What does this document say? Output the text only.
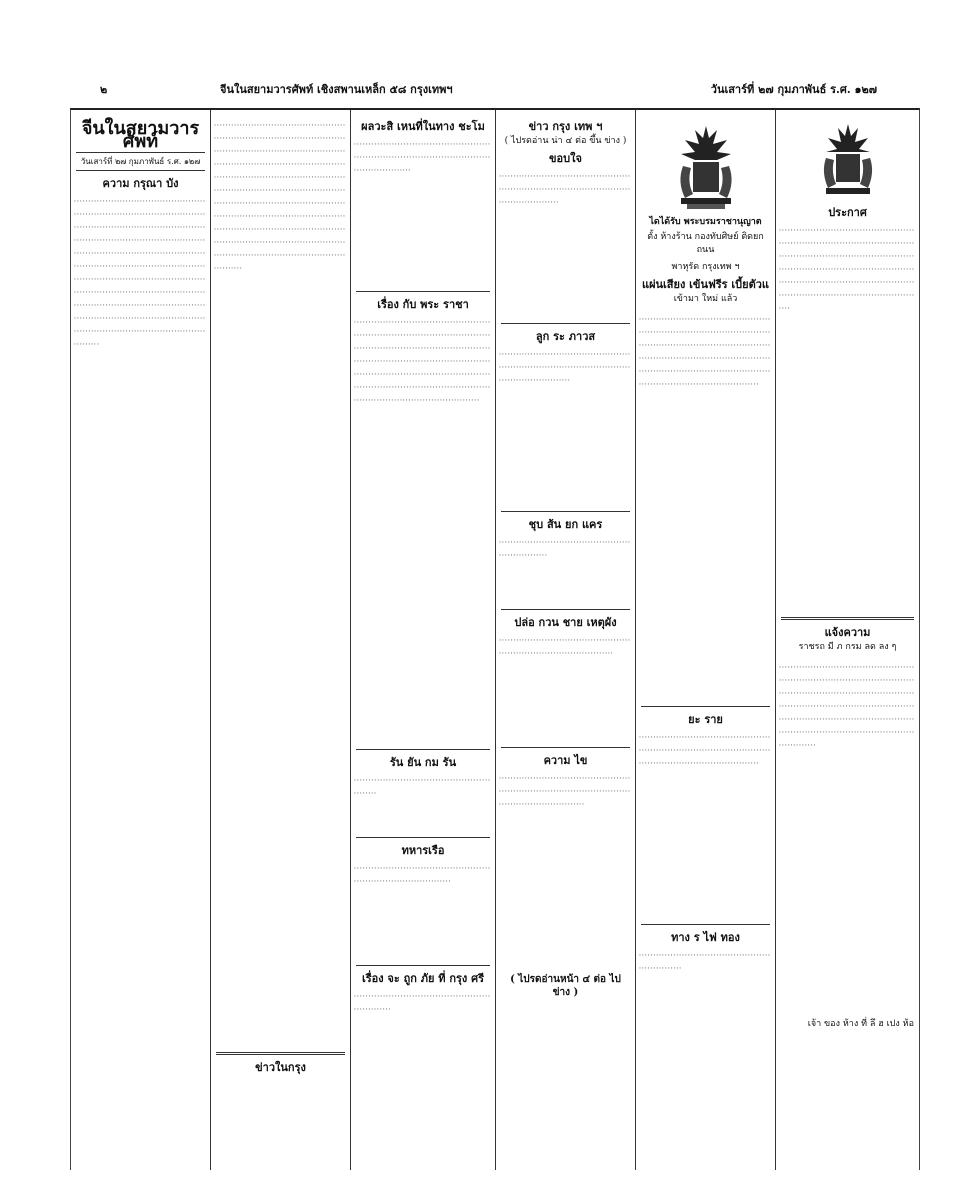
๒	จีนในสยามวารศัพท์ เชิงสพานเหล็ก ๕๘ กรุงเทพฯ	วันเสาร์ที่ ๒๗ กุมภาพันธ์ ร.ศ. ๑๒๗
จีนในสยามวารศัพท์
วันเสาร์ที่ ๒๗ กุมภาพันธ์ ร.ศ. ๑๒๗
ความ กรุณา บัง
ฺ ฺ ฺ ฺ ฺ ฺ ฺ ฺ ฺ ฺ ฺ ฺ ฺ ฺ ฺ ฺ ฺ ฺ ฺ ฺ ฺ ฺ ฺ ฺ ฺ ฺ ฺ ฺ ฺ ฺ ฺ ฺ ฺ ฺ ฺ ฺ ฺ ฺ ฺ ฺ ฺ ฺ ฺ ฺ ฺ ฺ ฺ ฺ ฺ ฺ ฺ ฺ ฺ ฺ ฺ ฺ ฺ ฺ ฺ ฺ ฺ ฺ ฺ ฺ ฺ ฺ ฺ ฺ ฺ ฺ ฺ ฺ ฺ ฺ ฺ ฺ ฺ ฺ ฺ ฺ ฺ ฺ ฺ ฺ ฺ ฺ ฺ ฺ ฺ ฺ ฺ ฺ ฺ ฺ ฺ ฺ ฺ ฺ ฺ ฺ ฺ ฺ ฺ ฺ ฺ ฺ ฺ ฺ ฺ ฺ ฺ ฺ ฺ ฺ ฺ ฺ ฺ ฺ ฺ ฺ ฺ ฺ ฺ ฺ ฺ ฺ ฺ ฺ ฺ ฺ ฺ ฺ ฺ ฺ ฺ ฺ ฺ ฺ ฺ ฺ ฺ ฺ ฺ ฺ ฺ ฺ ฺ ฺ ฺ ฺ ฺ ฺ ฺ ฺ ฺ ฺ ฺ ฺ ฺ ฺ ฺ ฺ ฺ ฺ ฺ ฺ ฺ ฺ ฺ ฺ ฺ ฺ ฺ ฺ ฺ ฺ ฺ ฺ ฺ ฺ ฺ ฺ ฺ ฺ ฺ ฺ ฺ ฺ ฺ ฺ ฺ ฺ ฺ ฺ ฺ ฺ ฺ ฺ ฺ ฺ ฺ ฺ ฺ ฺ ฺ ฺ ฺ ฺ ฺ ฺ ฺ ฺ ฺ ฺ ฺ ฺ ฺ ฺ ฺ ฺ ฺ ฺ ฺ ฺ ฺ ฺ ฺ ฺ ฺ ฺ ฺ ฺ ฺ ฺ ฺ ฺ ฺ ฺ ฺ ฺ ฺ ฺ ฺ ฺ ฺ ฺ ฺ ฺ ฺ ฺ ฺ ฺ ฺ ฺ ฺ ฺ ฺ ฺ ฺ ฺ ฺ ฺ ฺ ฺ ฺ ฺ ฺ ฺ ฺ ฺ ฺ ฺ ฺ ฺ ฺ ฺ ฺ ฺ ฺ ฺ ฺ ฺ ฺ ฺ ฺ ฺ ฺ ฺ ฺ ฺ ฺ ฺ ฺ ฺ ฺ ฺ ฺ ฺ ฺ ฺ ฺ ฺ ฺ ฺ ฺ ฺ ฺ ฺ ฺ ฺ ฺ ฺ ฺ ฺ ฺ ฺ ฺ ฺ ฺ ฺ ฺ ฺ ฺ ฺ ฺ ฺ ฺ ฺ ฺ ฺ ฺ ฺ ฺ ฺ ฺ ฺ ฺ ฺ ฺ ฺ ฺ ฺ ฺ ฺ ฺ ฺ ฺ ฺ ฺ ฺ ฺ ฺ ฺ ฺ ฺ ฺ ฺ ฺ ฺ ฺ ฺ ฺ ฺ ฺ ฺ ฺ ฺ ฺ ฺ ฺ ฺ ฺ ฺ ฺ ฺ ฺ ฺ ฺ ฺ ฺ ฺ ฺ ฺ ฺ ฺ ฺ ฺ ฺ ฺ ฺ ฺ ฺ ฺ ฺ ฺ ฺ ฺ ฺ ฺ ฺ ฺ ฺ ฺ ฺ ฺ ฺ ฺ ฺ ฺ ฺ ฺ ฺ ฺ ฺ ฺ ฺ ฺ ฺ ฺ ฺ ฺ ฺ ฺ ฺ ฺ ฺ ฺ ฺ ฺ ฺ ฺ ฺ ฺ ฺ ฺ ฺ ฺ ฺ ฺ ฺ ฺ ฺ ฺ ฺ ฺ ฺ ฺ ฺ ฺ ฺ ฺ ฺ ฺ ฺ ฺ ฺ ฺ ฺ ฺ ฺ ฺ ฺ ฺ ฺ ฺ ฺ ฺ ฺ ฺ ฺ ฺ ฺ ฺ ฺ ฺ ฺ ฺ ฺ ฺ ฺ ฺ ฺ ฺ ฺ ฺ ฺ ฺ ฺ ฺ ฺ ฺ ฺ ฺ ฺ ฺ ฺ ฺ ฺ ฺ ฺ ฺ ฺ ฺ ฺ ฺ ฺ ฺ ฺ ฺ ฺ ฺ ฺ ฺ ฺ ฺ
ฺ ฺ ฺ ฺ ฺ ฺ ฺ ฺ ฺ ฺ ฺ ฺ ฺ ฺ ฺ ฺ ฺ ฺ ฺ ฺ ฺ ฺ ฺ ฺ ฺ ฺ ฺ ฺ ฺ ฺ ฺ ฺ ฺ ฺ ฺ ฺ ฺ ฺ ฺ ฺ ฺ ฺ ฺ ฺ ฺ ฺ ฺ ฺ ฺ ฺ ฺ ฺ ฺ ฺ ฺ ฺ ฺ ฺ ฺ ฺ ฺ ฺ ฺ ฺ ฺ ฺ ฺ ฺ ฺ ฺ ฺ ฺ ฺ ฺ ฺ ฺ ฺ ฺ ฺ ฺ ฺ ฺ ฺ ฺ ฺ ฺ ฺ ฺ ฺ ฺ ฺ ฺ ฺ ฺ ฺ ฺ ฺ ฺ ฺ ฺ ฺ ฺ ฺ ฺ ฺ ฺ ฺ ฺ ฺ ฺ ฺ ฺ ฺ ฺ ฺ ฺ ฺ ฺ ฺ ฺ ฺ ฺ ฺ ฺ ฺ ฺ ฺ ฺ ฺ ฺ ฺ ฺ ฺ ฺ ฺ ฺ ฺ ฺ ฺ ฺ ฺ ฺ ฺ ฺ ฺ ฺ ฺ ฺ ฺ ฺ ฺ ฺ ฺ ฺ ฺ ฺ ฺ ฺ ฺ ฺ ฺ ฺ ฺ ฺ ฺ ฺ ฺ ฺ ฺ ฺ ฺ ฺ ฺ ฺ ฺ ฺ ฺ ฺ ฺ ฺ ฺ ฺ ฺ ฺ ฺ ฺ ฺ ฺ ฺ ฺ ฺ ฺ ฺ ฺ ฺ ฺ ฺ ฺ ฺ ฺ ฺ ฺ ฺ ฺ ฺ ฺ ฺ ฺ ฺ ฺ ฺ ฺ ฺ ฺ ฺ ฺ ฺ ฺ ฺ ฺ ฺ ฺ ฺ ฺ ฺ ฺ ฺ ฺ ฺ ฺ ฺ ฺ ฺ ฺ ฺ ฺ ฺ ฺ ฺ ฺ ฺ ฺ ฺ ฺ ฺ ฺ ฺ ฺ ฺ ฺ ฺ ฺ ฺ ฺ ฺ ฺ ฺ ฺ ฺ ฺ ฺ ฺ ฺ ฺ ฺ ฺ ฺ ฺ ฺ ฺ ฺ ฺ ฺ ฺ ฺ ฺ ฺ ฺ ฺ ฺ ฺ ฺ ฺ ฺ ฺ ฺ ฺ ฺ ฺ ฺ ฺ ฺ ฺ ฺ ฺ ฺ ฺ ฺ ฺ ฺ ฺ ฺ ฺ ฺ ฺ ฺ ฺ ฺ ฺ ฺ ฺ ฺ ฺ ฺ ฺ ฺ ฺ ฺ ฺ ฺ ฺ ฺ ฺ ฺ ฺ ฺ ฺ ฺ ฺ ฺ ฺ ฺ ฺ ฺ ฺ ฺ ฺ ฺ ฺ ฺ ฺ ฺ ฺ ฺ ฺ ฺ ฺ ฺ ฺ ฺ ฺ ฺ ฺ ฺ ฺ ฺ ฺ ฺ ฺ ฺ ฺ ฺ ฺ ฺ ฺ ฺ ฺ ฺ ฺ ฺ ฺ ฺ ฺ ฺ ฺ ฺ ฺ ฺ ฺ ฺ ฺ ฺ ฺ ฺ ฺ ฺ ฺ ฺ ฺ ฺ ฺ ฺ ฺ ฺ ฺ ฺ ฺ ฺ ฺ ฺ ฺ ฺ ฺ ฺ ฺ ฺ ฺ ฺ ฺ ฺ ฺ ฺ ฺ ฺ ฺ ฺ ฺ ฺ ฺ ฺ ฺ ฺ ฺ ฺ ฺ ฺ ฺ ฺ ฺ ฺ ฺ ฺ ฺ ฺ ฺ ฺ ฺ ฺ ฺ ฺ ฺ ฺ ฺ ฺ ฺ ฺ ฺ ฺ ฺ ฺ ฺ ฺ ฺ ฺ ฺ ฺ ฺ ฺ ฺ ฺ ฺ ฺ ฺ ฺ ฺ ฺ ฺ ฺ ฺ ฺ ฺ ฺ ฺ ฺ ฺ ฺ ฺ ฺ ฺ ฺ ฺ ฺ ฺ ฺ ฺ ฺ ฺ ฺ ฺ ฺ ฺ ฺ ฺ ฺ ฺ ฺ ฺ ฺ ฺ ฺ ฺ ฺ ฺ ฺ ฺ ฺ ฺ ฺ ฺ ฺ ฺ ฺ ฺ ฺ ฺ ฺ
ข่าวในกรุง
ผลวะสิ เหนที่ในทาง ชะโม
ฺ ฺ ฺ ฺ ฺ ฺ ฺ ฺ ฺ ฺ ฺ ฺ ฺ ฺ ฺ ฺ ฺ ฺ ฺ ฺ ฺ ฺ ฺ ฺ ฺ ฺ ฺ ฺ ฺ ฺ ฺ ฺ ฺ ฺ ฺ ฺ ฺ ฺ ฺ ฺ ฺ ฺ ฺ ฺ ฺ ฺ ฺ ฺ ฺ ฺ ฺ ฺ ฺ ฺ ฺ ฺ ฺ ฺ ฺ ฺ ฺ ฺ ฺ ฺ ฺ ฺ ฺ ฺ ฺ ฺ ฺ ฺ ฺ ฺ ฺ ฺ ฺ ฺ ฺ ฺ ฺ ฺ ฺ ฺ ฺ ฺ ฺ ฺ ฺ ฺ ฺ ฺ ฺ ฺ ฺ ฺ ฺ ฺ ฺ ฺ ฺ ฺ ฺ ฺ ฺ ฺ ฺ ฺ ฺ ฺ ฺ ฺ ฺ ฺ
เรื่อง กับ พระ ราชา
ฺ ฺ ฺ ฺ ฺ ฺ ฺ ฺ ฺ ฺ ฺ ฺ ฺ ฺ ฺ ฺ ฺ ฺ ฺ ฺ ฺ ฺ ฺ ฺ ฺ ฺ ฺ ฺ ฺ ฺ ฺ ฺ ฺ ฺ ฺ ฺ ฺ ฺ ฺ ฺ ฺ ฺ ฺ ฺ ฺ ฺ ฺ ฺ ฺ ฺ ฺ ฺ ฺ ฺ ฺ ฺ ฺ ฺ ฺ ฺ ฺ ฺ ฺ ฺ ฺ ฺ ฺ ฺ ฺ ฺ ฺ ฺ ฺ ฺ ฺ ฺ ฺ ฺ ฺ ฺ ฺ ฺ ฺ ฺ ฺ ฺ ฺ ฺ ฺ ฺ ฺ ฺ ฺ ฺ ฺ ฺ ฺ ฺ ฺ ฺ ฺ ฺ ฺ ฺ ฺ ฺ ฺ ฺ ฺ ฺ ฺ ฺ ฺ ฺ ฺ ฺ ฺ ฺ ฺ ฺ ฺ ฺ ฺ ฺ ฺ ฺ ฺ ฺ ฺ ฺ ฺ ฺ ฺ ฺ ฺ ฺ ฺ ฺ ฺ ฺ ฺ ฺ ฺ ฺ ฺ ฺ ฺ ฺ ฺ ฺ ฺ ฺ ฺ ฺ ฺ ฺ ฺ ฺ ฺ ฺ ฺ ฺ ฺ ฺ ฺ ฺ ฺ ฺ ฺ ฺ ฺ ฺ ฺ ฺ ฺ ฺ ฺ ฺ ฺ ฺ ฺ ฺ ฺ ฺ ฺ ฺ ฺ ฺ ฺ ฺ ฺ ฺ ฺ ฺ ฺ ฺ ฺ ฺ ฺ ฺ ฺ ฺ ฺ ฺ ฺ ฺ ฺ ฺ ฺ ฺ ฺ ฺ ฺ ฺ ฺ ฺ ฺ ฺ ฺ ฺ ฺ ฺ ฺ ฺ ฺ ฺ ฺ ฺ ฺ ฺ ฺ ฺ ฺ ฺ ฺ ฺ ฺ ฺ ฺ ฺ ฺ ฺ ฺ ฺ ฺ ฺ ฺ ฺ ฺ ฺ ฺ ฺ ฺ ฺ ฺ ฺ ฺ ฺ ฺ ฺ ฺ ฺ ฺ ฺ ฺ ฺ ฺ ฺ ฺ ฺ ฺ ฺ ฺ ฺ ฺ ฺ ฺ ฺ ฺ ฺ ฺ ฺ ฺ ฺ ฺ ฺ ฺ ฺ ฺ ฺ ฺ ฺ ฺ ฺ ฺ ฺ ฺ ฺ ฺ ฺ ฺ ฺ ฺ ฺ ฺ ฺ ฺ ฺ ฺ ฺ ฺ ฺ ฺ ฺ ฺ ฺ ฺ ฺ ฺ ฺ ฺ ฺ ฺ ฺ ฺ ฺ
รัน ยัน กม รัน
ฺ ฺ ฺ ฺ ฺ ฺ ฺ ฺ ฺ ฺ ฺ ฺ ฺ ฺ ฺ ฺ ฺ ฺ ฺ ฺ ฺ ฺ ฺ ฺ ฺ ฺ ฺ ฺ ฺ ฺ ฺ ฺ ฺ ฺ ฺ ฺ ฺ ฺ ฺ ฺ ฺ ฺ ฺ ฺ ฺ ฺ ฺ ฺ ฺ ฺ ฺ ฺ ฺ ฺ ฺ
ทหารเรือ
ฺ ฺ ฺ ฺ ฺ ฺ ฺ ฺ ฺ ฺ ฺ ฺ ฺ ฺ ฺ ฺ ฺ ฺ ฺ ฺ ฺ ฺ ฺ ฺ ฺ ฺ ฺ ฺ ฺ ฺ ฺ ฺ ฺ ฺ ฺ ฺ ฺ ฺ ฺ ฺ ฺ ฺ ฺ ฺ ฺ ฺ ฺ ฺ ฺ ฺ ฺ ฺ ฺ ฺ ฺ ฺ ฺ ฺ ฺ ฺ ฺ ฺ ฺ ฺ ฺ ฺ ฺ ฺ ฺ ฺ ฺ ฺ ฺ ฺ ฺ ฺ ฺ ฺ ฺ ฺ ฺ
เรื่อง จะ ถูก ภัย ที่ กรุง ศรี
ฺ ฺ ฺ ฺ ฺ ฺ ฺ ฺ ฺ ฺ ฺ ฺ ฺ ฺ ฺ ฺ ฺ ฺ ฺ ฺ ฺ ฺ ฺ ฺ ฺ ฺ ฺ ฺ ฺ ฺ ฺ ฺ ฺ ฺ ฺ ฺ ฺ ฺ ฺ ฺ ฺ ฺ ฺ ฺ ฺ ฺ ฺ ฺ ฺ ฺ ฺ ฺ ฺ ฺ ฺ ฺ ฺ ฺ ฺ ฺ
ข่าว กรุง เทพ ฯ
( ไปรดอ่าน น่า ๔ ต่อ ขึ้น ข่าง )
ขอบใจ
ฺ ฺ ฺ ฺ ฺ ฺ ฺ ฺ ฺ ฺ ฺ ฺ ฺ ฺ ฺ ฺ ฺ ฺ ฺ ฺ ฺ ฺ ฺ ฺ ฺ ฺ ฺ ฺ ฺ ฺ ฺ ฺ ฺ ฺ ฺ ฺ ฺ ฺ ฺ ฺ ฺ ฺ ฺ ฺ ฺ ฺ ฺ ฺ ฺ ฺ ฺ ฺ ฺ ฺ ฺ ฺ ฺ ฺ ฺ ฺ ฺ ฺ ฺ ฺ ฺ ฺ ฺ ฺ ฺ ฺ ฺ ฺ ฺ ฺ ฺ ฺ ฺ ฺ ฺ ฺ ฺ ฺ ฺ ฺ ฺ ฺ ฺ ฺ ฺ ฺ ฺ ฺ ฺ ฺ ฺ ฺ ฺ ฺ ฺ ฺ ฺ ฺ ฺ ฺ ฺ ฺ ฺ ฺ ฺ ฺ ฺ ฺ ฺ
ลูก ระ ภาวส
ฺ ฺ ฺ ฺ ฺ ฺ ฺ ฺ ฺ ฺ ฺ ฺ ฺ ฺ ฺ ฺ ฺ ฺ ฺ ฺ ฺ ฺ ฺ ฺ ฺ ฺ ฺ ฺ ฺ ฺ ฺ ฺ ฺ ฺ ฺ ฺ ฺ ฺ ฺ ฺ ฺ ฺ ฺ ฺ ฺ ฺ ฺ ฺ ฺ ฺ ฺ ฺ ฺ ฺ ฺ ฺ ฺ ฺ ฺ ฺ ฺ ฺ ฺ ฺ ฺ ฺ ฺ ฺ ฺ ฺ ฺ ฺ ฺ ฺ ฺ ฺ ฺ ฺ ฺ ฺ ฺ ฺ ฺ ฺ ฺ ฺ ฺ ฺ ฺ ฺ ฺ ฺ ฺ ฺ ฺ ฺ ฺ ฺ ฺ ฺ ฺ ฺ ฺ ฺ ฺ ฺ ฺ ฺ ฺ ฺ ฺ ฺ ฺ ฺ ฺ ฺ ฺ
ชุบ ส้น ยก แคร
ฺ ฺ ฺ ฺ ฺ ฺ ฺ ฺ ฺ ฺ ฺ ฺ ฺ ฺ ฺ ฺ ฺ ฺ ฺ ฺ ฺ ฺ ฺ ฺ ฺ ฺ ฺ ฺ ฺ ฺ ฺ ฺ ฺ ฺ ฺ ฺ ฺ ฺ ฺ ฺ ฺ ฺ ฺ ฺ ฺ ฺ ฺ ฺ ฺ ฺ ฺ ฺ ฺ ฺ ฺ ฺ ฺ ฺ ฺ ฺ ฺ ฺ ฺ
ปล่อ กวน ชาย เหตุผัง
ฺ ฺ ฺ ฺ ฺ ฺ ฺ ฺ ฺ ฺ ฺ ฺ ฺ ฺ ฺ ฺ ฺ ฺ ฺ ฺ ฺ ฺ ฺ ฺ ฺ ฺ ฺ ฺ ฺ ฺ ฺ ฺ ฺ ฺ ฺ ฺ ฺ ฺ ฺ ฺ ฺ ฺ ฺ ฺ ฺ ฺ ฺ ฺ ฺ ฺ ฺ ฺ ฺ ฺ ฺ ฺ ฺ ฺ ฺ ฺ ฺ ฺ ฺ ฺ ฺ ฺ ฺ ฺ ฺ ฺ ฺ ฺ ฺ ฺ ฺ ฺ ฺ ฺ ฺ ฺ ฺ ฺ ฺ ฺ ฺ ฺ
ความ ไข
ฺ ฺ ฺ ฺ ฺ ฺ ฺ ฺ ฺ ฺ ฺ ฺ ฺ ฺ ฺ ฺ ฺ ฺ ฺ ฺ ฺ ฺ ฺ ฺ ฺ ฺ ฺ ฺ ฺ ฺ ฺ ฺ ฺ ฺ ฺ ฺ ฺ ฺ ฺ ฺ ฺ ฺ ฺ ฺ ฺ ฺ ฺ ฺ ฺ ฺ ฺ ฺ ฺ ฺ ฺ ฺ ฺ ฺ ฺ ฺ ฺ ฺ ฺ ฺ ฺ ฺ ฺ ฺ ฺ ฺ ฺ ฺ ฺ ฺ ฺ ฺ ฺ ฺ ฺ ฺ ฺ ฺ ฺ ฺ ฺ ฺ ฺ ฺ ฺ ฺ ฺ ฺ ฺ ฺ ฺ ฺ ฺ ฺ ฺ ฺ ฺ ฺ ฺ ฺ ฺ ฺ ฺ ฺ ฺ ฺ ฺ ฺ ฺ ฺ ฺ ฺ ฺ ฺ ฺ ฺ ฺ ฺ
( ไปรดอ่านหน้า ๔ ต่อ ไป ข่าง )
ไดได้รับ พระบรมราชานุญาต
ตั้ง ห้างร้าน กองทับศิษย์ ติดยก ถนน
พาหุรัด กรุงเทพ ฯ
แผ่นเสียง เข้นฟรีร เบี้ยตัวแ
เข้ามา ใหม่ แล้ว
ฺ ฺ ฺ ฺ ฺ ฺ ฺ ฺ ฺ ฺ ฺ ฺ ฺ ฺ ฺ ฺ ฺ ฺ ฺ ฺ ฺ ฺ ฺ ฺ ฺ ฺ ฺ ฺ ฺ ฺ ฺ ฺ ฺ ฺ ฺ ฺ ฺ ฺ ฺ ฺ ฺ ฺ ฺ ฺ ฺ ฺ ฺ ฺ ฺ ฺ ฺ ฺ ฺ ฺ ฺ ฺ ฺ ฺ ฺ ฺ ฺ ฺ ฺ ฺ ฺ ฺ ฺ ฺ ฺ ฺ ฺ ฺ ฺ ฺ ฺ ฺ ฺ ฺ ฺ ฺ ฺ ฺ ฺ ฺ ฺ ฺ ฺ ฺ ฺ ฺ ฺ ฺ ฺ ฺ ฺ ฺ ฺ ฺ ฺ ฺ ฺ ฺ ฺ ฺ ฺ ฺ ฺ ฺ ฺ ฺ ฺ ฺ ฺ ฺ ฺ ฺ ฺ ฺ ฺ ฺ ฺ ฺ ฺ ฺ ฺ ฺ ฺ ฺ ฺ ฺ ฺ ฺ ฺ ฺ ฺ ฺ ฺ ฺ ฺ ฺ ฺ ฺ ฺ ฺ ฺ ฺ ฺ ฺ ฺ ฺ ฺ ฺ ฺ ฺ ฺ ฺ ฺ ฺ ฺ ฺ ฺ ฺ ฺ ฺ ฺ ฺ ฺ ฺ ฺ ฺ ฺ ฺ ฺ ฺ ฺ ฺ ฺ ฺ ฺ ฺ ฺ ฺ ฺ ฺ ฺ ฺ ฺ ฺ ฺ ฺ ฺ ฺ ฺ ฺ ฺ ฺ ฺ ฺ ฺ ฺ ฺ ฺ ฺ ฺ ฺ ฺ ฺ ฺ ฺ ฺ ฺ ฺ ฺ ฺ ฺ ฺ ฺ ฺ ฺ ฺ ฺ ฺ ฺ ฺ ฺ ฺ ฺ ฺ ฺ ฺ ฺ ฺ ฺ ฺ ฺ ฺ ฺ ฺ ฺ ฺ ฺ ฺ ฺ ฺ ฺ ฺ ฺ ฺ ฺ ฺ ฺ ฺ ฺ ฺ ฺ ฺ ฺ ฺ ฺ ฺ ฺ ฺ ฺ ฺ ฺ ฺ ฺ ฺ ฺ ฺ ฺ ฺ
ยะ ราย
ฺ ฺ ฺ ฺ ฺ ฺ ฺ ฺ ฺ ฺ ฺ ฺ ฺ ฺ ฺ ฺ ฺ ฺ ฺ ฺ ฺ ฺ ฺ ฺ ฺ ฺ ฺ ฺ ฺ ฺ ฺ ฺ ฺ ฺ ฺ ฺ ฺ ฺ ฺ ฺ ฺ ฺ ฺ ฺ ฺ ฺ ฺ ฺ ฺ ฺ ฺ ฺ ฺ ฺ ฺ ฺ ฺ ฺ ฺ ฺ ฺ ฺ ฺ ฺ ฺ ฺ ฺ ฺ ฺ ฺ ฺ ฺ ฺ ฺ ฺ ฺ ฺ ฺ ฺ ฺ ฺ ฺ ฺ ฺ ฺ ฺ ฺ ฺ ฺ ฺ ฺ ฺ ฺ ฺ ฺ ฺ ฺ ฺ ฺ ฺ ฺ ฺ ฺ ฺ ฺ ฺ ฺ ฺ ฺ ฺ ฺ ฺ ฺ ฺ ฺ ฺ ฺ ฺ ฺ ฺ ฺ ฺ ฺ ฺ ฺ ฺ ฺ ฺ ฺ ฺ ฺ ฺ ฺ ฺ
ทาง ร ไฟ ทอง
ฺ ฺ ฺ ฺ ฺ ฺ ฺ ฺ ฺ ฺ ฺ ฺ ฺ ฺ ฺ ฺ ฺ ฺ ฺ ฺ ฺ ฺ ฺ ฺ ฺ ฺ ฺ ฺ ฺ ฺ ฺ ฺ ฺ ฺ ฺ ฺ ฺ ฺ ฺ ฺ ฺ ฺ ฺ ฺ ฺ ฺ ฺ ฺ ฺ ฺ ฺ ฺ ฺ ฺ ฺ ฺ ฺ ฺ ฺ ฺ ฺ
ประกาศ
ฺ ฺ ฺ ฺ ฺ ฺ ฺ ฺ ฺ ฺ ฺ ฺ ฺ ฺ ฺ ฺ ฺ ฺ ฺ ฺ ฺ ฺ ฺ ฺ ฺ ฺ ฺ ฺ ฺ ฺ ฺ ฺ ฺ ฺ ฺ ฺ ฺ ฺ ฺ ฺ ฺ ฺ ฺ ฺ ฺ ฺ ฺ ฺ ฺ ฺ ฺ ฺ ฺ ฺ ฺ ฺ ฺ ฺ ฺ ฺ ฺ ฺ ฺ ฺ ฺ ฺ ฺ ฺ ฺ ฺ ฺ ฺ ฺ ฺ ฺ ฺ ฺ ฺ ฺ ฺ ฺ ฺ ฺ ฺ ฺ ฺ ฺ ฺ ฺ ฺ ฺ ฺ ฺ ฺ ฺ ฺ ฺ ฺ ฺ ฺ ฺ ฺ ฺ ฺ ฺ ฺ ฺ ฺ ฺ ฺ ฺ ฺ ฺ ฺ ฺ ฺ ฺ ฺ ฺ ฺ ฺ ฺ ฺ ฺ ฺ ฺ ฺ ฺ ฺ ฺ ฺ ฺ ฺ ฺ ฺ ฺ ฺ ฺ ฺ ฺ ฺ ฺ ฺ ฺ ฺ ฺ ฺ ฺ ฺ ฺ ฺ ฺ ฺ ฺ ฺ ฺ ฺ ฺ ฺ ฺ ฺ ฺ ฺ ฺ ฺ ฺ ฺ ฺ ฺ ฺ ฺ ฺ ฺ ฺ ฺ ฺ ฺ ฺ ฺ ฺ ฺ ฺ ฺ ฺ ฺ ฺ ฺ ฺ ฺ ฺ ฺ ฺ ฺ ฺ ฺ ฺ ฺ ฺ ฺ ฺ ฺ ฺ ฺ ฺ ฺ ฺ ฺ ฺ ฺ ฺ ฺ ฺ ฺ ฺ ฺ ฺ ฺ ฺ ฺ ฺ ฺ ฺ ฺ ฺ ฺ ฺ ฺ ฺ ฺ ฺ ฺ ฺ ฺ ฺ ฺ ฺ ฺ ฺ ฺ ฺ ฺ ฺ ฺ ฺ ฺ ฺ ฺ ฺ ฺ ฺ ฺ ฺ ฺ ฺ ฺ ฺ ฺ ฺ ฺ ฺ ฺ ฺ ฺ ฺ ฺ ฺ ฺ ฺ ฺ ฺ ฺ ฺ ฺ ฺ ฺ ฺ ฺ ฺ ฺ ฺ ฺ ฺ ฺ ฺ ฺ ฺ
แจ้งความ
ราชรถ มี ภ กรม ลด ลง ๆ
ฺ ฺ ฺ ฺ ฺ ฺ ฺ ฺ ฺ ฺ ฺ ฺ ฺ ฺ ฺ ฺ ฺ ฺ ฺ ฺ ฺ ฺ ฺ ฺ ฺ ฺ ฺ ฺ ฺ ฺ ฺ ฺ ฺ ฺ ฺ ฺ ฺ ฺ ฺ ฺ ฺ ฺ ฺ ฺ ฺ ฺ ฺ ฺ ฺ ฺ ฺ ฺ ฺ ฺ ฺ ฺ ฺ ฺ ฺ ฺ ฺ ฺ ฺ ฺ ฺ ฺ ฺ ฺ ฺ ฺ ฺ ฺ ฺ ฺ ฺ ฺ ฺ ฺ ฺ ฺ ฺ ฺ ฺ ฺ ฺ ฺ ฺ ฺ ฺ ฺ ฺ ฺ ฺ ฺ ฺ ฺ ฺ ฺ ฺ ฺ ฺ ฺ ฺ ฺ ฺ ฺ ฺ ฺ ฺ ฺ ฺ ฺ ฺ ฺ ฺ ฺ ฺ ฺ ฺ ฺ ฺ ฺ ฺ ฺ ฺ ฺ ฺ ฺ ฺ ฺ ฺ ฺ ฺ ฺ ฺ ฺ ฺ ฺ ฺ ฺ ฺ ฺ ฺ ฺ ฺ ฺ ฺ ฺ ฺ ฺ ฺ ฺ ฺ ฺ ฺ ฺ ฺ ฺ ฺ ฺ ฺ ฺ ฺ ฺ ฺ ฺ ฺ ฺ ฺ ฺ ฺ ฺ ฺ ฺ ฺ ฺ ฺ ฺ ฺ ฺ ฺ ฺ ฺ ฺ ฺ ฺ ฺ ฺ ฺ ฺ ฺ ฺ ฺ ฺ ฺ ฺ ฺ ฺ ฺ ฺ ฺ ฺ ฺ ฺ ฺ ฺ ฺ ฺ ฺ ฺ ฺ ฺ ฺ ฺ ฺ ฺ ฺ ฺ ฺ ฺ ฺ ฺ ฺ ฺ ฺ ฺ ฺ ฺ ฺ ฺ ฺ ฺ ฺ ฺ ฺ ฺ ฺ ฺ ฺ ฺ ฺ ฺ ฺ ฺ ฺ ฺ ฺ ฺ ฺ ฺ ฺ ฺ ฺ ฺ ฺ ฺ ฺ ฺ ฺ ฺ ฺ ฺ ฺ ฺ ฺ ฺ ฺ ฺ ฺ ฺ ฺ ฺ ฺ ฺ ฺ ฺ ฺ ฺ ฺ ฺ ฺ ฺ ฺ ฺ ฺ ฺ ฺ ฺ ฺ ฺ ฺ ฺ ฺ ฺ ฺ
เจ้า ของ ห้าง ที่ ลึ ฮ เปง ห้อ
